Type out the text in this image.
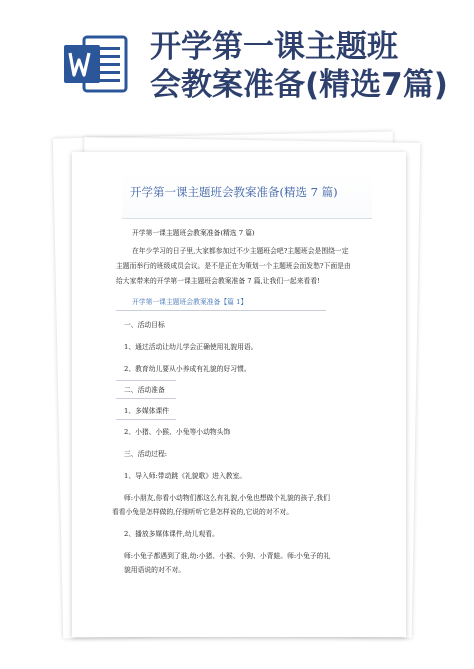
开学第一课主题班
会教案准备(精选7篇)
开学第一课主题班会教案准备(精选 7 篇)
开学第一课主题班会教案准备(精选 7 篇)
在年少学习的日子里,大家都参加过不少主题班会吧?主题班会是围绕一定
主题而举行的班级成员会议。是不是正在为策划一个主题班会而发愁?下面是由
给大家带来的开学第一课主题班会教案准备 7 篇,让我们一起来看看!
开学第一课主题班会教案准备【篇 1】
一、活动目标
1、通过活动让幼儿学会正确使用礼貌用语。
2、教育幼儿要从小养成有礼貌的好习惯。
二、活动准备
1、多媒体课件
2、小猪、小猴、小兔等小动物头饰
三、活动过程:
1、导入师:带动跳《礼貌歌》进入教室。
师:小朋友,你看小动物们都这么有礼貌,小兔也想做个礼貌的孩子,我们
看看小兔是怎样做的,仔细听听它是怎样说的,它说的对不对。
2、播放多媒体课件,幼儿观看。
师:小兔子都遇到了谁,幼:小猪、小猴、小狗、小青蛙。师:小兔子的礼
貌用语说的对不对。
